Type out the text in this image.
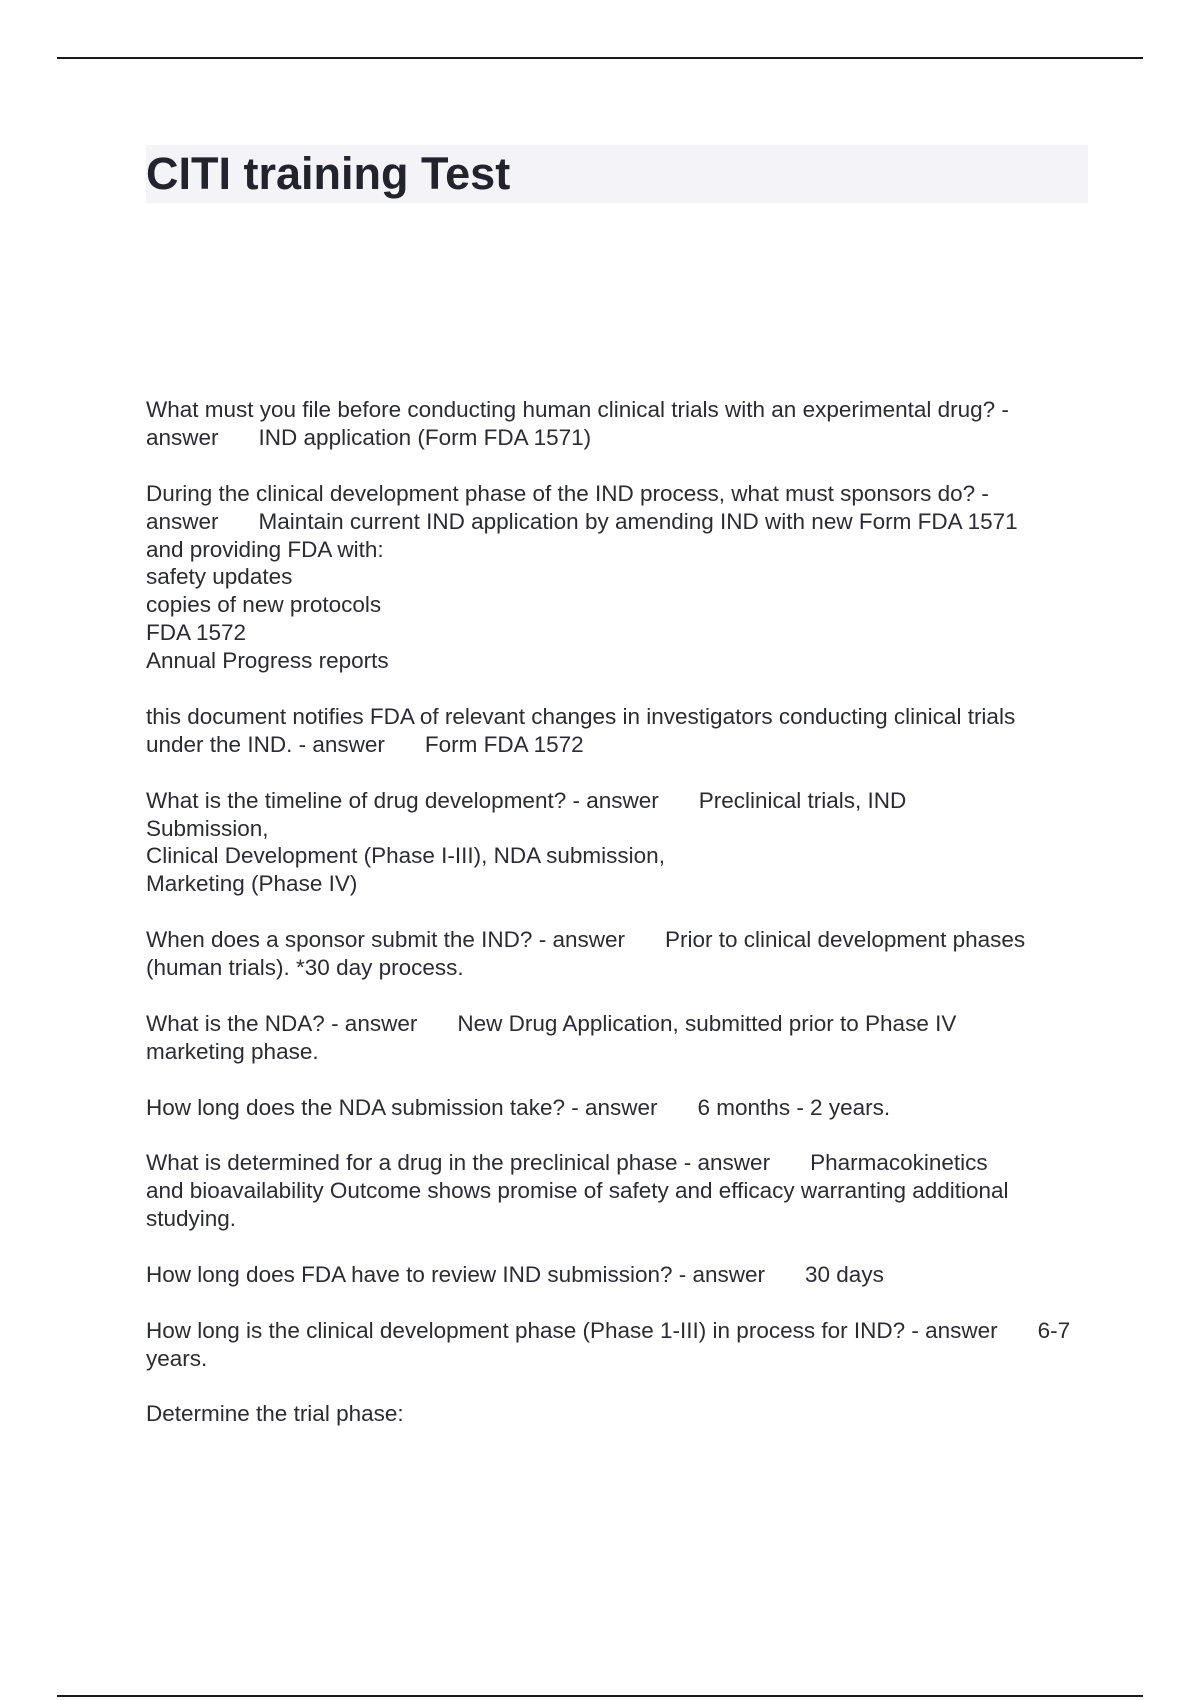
CITI training Test

What must you file before conducting human clinical trials with an experimental drug? -
answer IND application (Form FDA 1571)

During the clinical development phase of the IND process, what must sponsors do? -
answer Maintain current IND application by amending IND with new Form FDA 1571
and providing FDA with:
safety updates
copies of new protocols
FDA 1572
Annual Progress reports

this document notifies FDA of relevant changes in investigators conducting clinical trials
under the IND. - answer Form FDA 1572

What is the timeline of drug development? - answer Preclinical trials, IND
Submission,
Clinical Development (Phase I-III), NDA submission,
Marketing (Phase IV)

When does a sponsor submit the IND? - answer Prior to clinical development phases
(human trials). *30 day process.

What is the NDA? - answer New Drug Application, submitted prior to Phase IV
marketing phase.

How long does the NDA submission take? - answer 6 months - 2 years.

What is determined for a drug in the preclinical phase - answer Pharmacokinetics
and bioavailability Outcome shows promise of safety and efficacy warranting additional
studying.

How long does FDA have to review IND submission? - answer 30 days

How long is the clinical development phase (Phase 1-III) in process for IND? - answer 6-7 years.

Determine the trial phase:
